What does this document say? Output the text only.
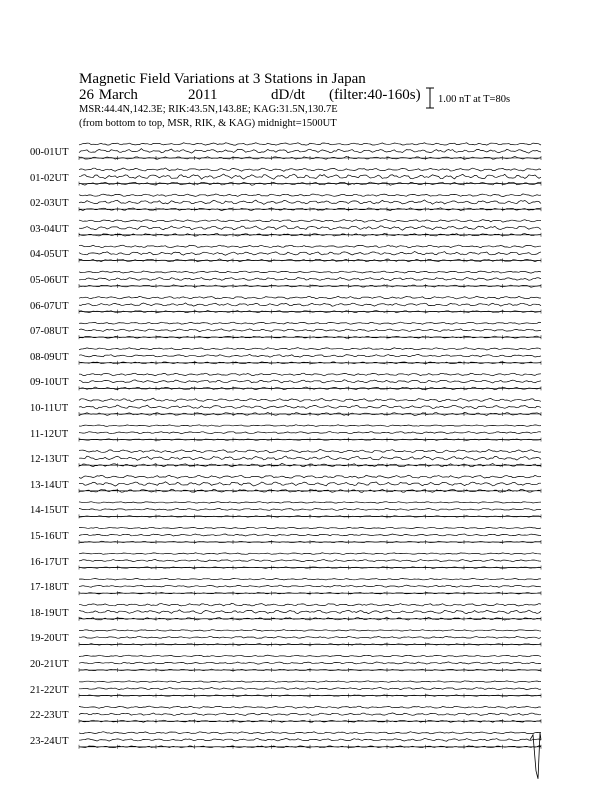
Magnetic Field Variations at 3 Stations in Japan
26 March	2011	dD/dt (filter:40-160s)
MSR:44.4N,142.3E; RIK:43.5N,143.8E; KAG:31.5N,130.7E
(from bottom to top, MSR, RIK, & KAG) midnight=1500UT
1.00 nT at T=80s
00-01UT
01-02UT
02-03UT
03-04UT
04-05UT
05-06UT
06-07UT
07-08UT
08-09UT
09-10UT
10-11UT
11-12UT
12-13UT
13-14UT
14-15UT
15-16UT
16-17UT
17-18UT
18-19UT
19-20UT
20-21UT
21-22UT
22-23UT
23-24UT
